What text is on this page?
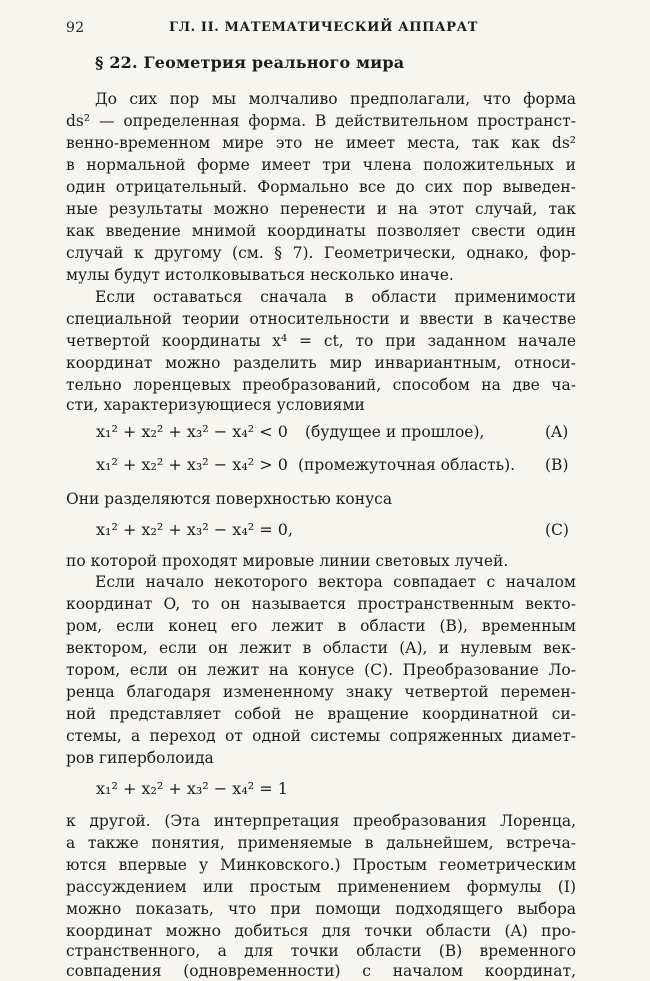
92	ГЛ. II. МАТЕМАТИЧЕСКИЙ АППАРАТ
§ 22. Геометрия реального мира
До сих пор мы молчаливо предполагали, что форма
ds² — определенная форма. В действительном пространст-
венно-временном мире это не имеет места, так как ds²
в нормальной форме имеет три члена положительных и
один отрицательный. Формально все до сих пор выведен-
ные результаты можно перенести и на этот случай, так
как введение мнимой координаты позволяет свести один
случай к другому (см. § 7). Геометрически, однако, фор-
мулы будут истолковываться несколько иначе.
Если оставаться сначала в области применимости
специальной теории относительности и ввести в качестве
четвертой координаты x⁴ = ct, то при заданном начале
координат можно разделить мир инвариантным, относи-
тельно лоренцевых преобразований, способом на две ча-
сти, характеризующиеся условиями
x₁² + x₂² + x₃² − x₄² < 0 (будущее и прошлое),	(A)
x₁² + x₂² + x₃² − x₄² > 0 (промежуточная область). (B)
Они разделяются поверхностью конуса
x₁² + x₂² + x₃² − x₄² = 0,	(C)
по которой проходят мировые линии световых лучей.
Если начало некоторого вектора совпадает с началом
координат O, то он называется пространственным векто-
ром, если конец его лежит в области (B), временным
вектором, если он лежит в области (A), и нулевым век-
тором, если он лежит на конусе (C). Преобразование Ло-
ренца благодаря измененному знаку четвертой перемен-
ной представляет собой не вращение координатной си-
стемы, а переход от одной системы сопряженных диамет-
ров гиперболоида
x₁² + x₂² + x₃² − x₄² = 1
к другой. (Эта интерпретация преобразования Лоренца,
а также понятия, применяемые в дальнейшем, встреча-
ются впервые у Минковского.) Простым геометрическим
рассуждением или простым применением формулы (I)
можно показать, что при помощи подходящего выбора
координат можно добиться для точки области (A) про-
странственного, а для точки области (B) временного
совпадения (одновременности) с началом координат,
